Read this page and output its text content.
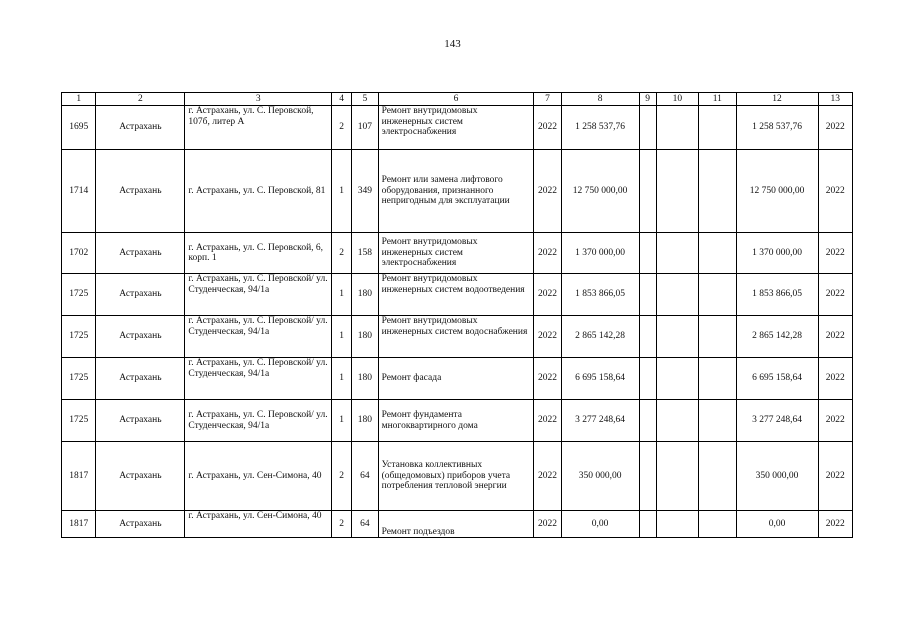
143
1	2	3	4	5	6	7	8	9	10	11	12	13
1695	Астрахань	г. Астрахань, ул. С. Перовской, 107б, литер А	2	107	Ремонт внутридомовых инженерных систем электроснабжения	2022	1 258 537,76				1 258 537,76	2022
1714	Астрахань	г. Астрахань, ул. С. Перовской, 81	1	349	Ремонт или замена лифтового оборудования, признанного непригодным для эксплуатации	2022	12 750 000,00				12 750 000,00	2022
1702	Астрахань	г. Астрахань, ул. С. Перовской, 6, корп. 1	2	158	Ремонт внутридомовых инженерных систем электроснабжения	2022	1 370 000,00				1 370 000,00	2022
1725	Астрахань	г. Астрахань, ул. С. Перовской/ ул. Студенческая, 94/1а	1	180	Ремонт внутридомовых инженерных систем водоотведения	2022	1 853 866,05				1 853 866,05	2022
1725	Астрахань	г. Астрахань, ул. С. Перовской/ ул. Студенческая, 94/1а	1	180	Ремонт внутридомовых инженерных систем водоснабжения	2022	2 865 142,28				2 865 142,28	2022
1725	Астрахань	г. Астрахань, ул. С. Перовской/ ул. Студенческая, 94/1а	1	180	Ремонт фасада	2022	6 695 158,64				6 695 158,64	2022
1725	Астрахань	г. Астрахань, ул. С. Перовской/ ул. Студенческая, 94/1а	1	180	Ремонт фундамента многоквартирного дома	2022	3 277 248,64				3 277 248,64	2022
1817	Астрахань	г. Астрахань, ул. Сен-Симона, 40	2	64	Установка коллективных (общедомовых) приборов учета потребления тепловой энергии	2022	350 000,00				350 000,00	2022
1817	Астрахань	г. Астрахань, ул. Сен-Симона, 40	2	64	Ремонт подъездов	2022	0,00				0,00	2022
